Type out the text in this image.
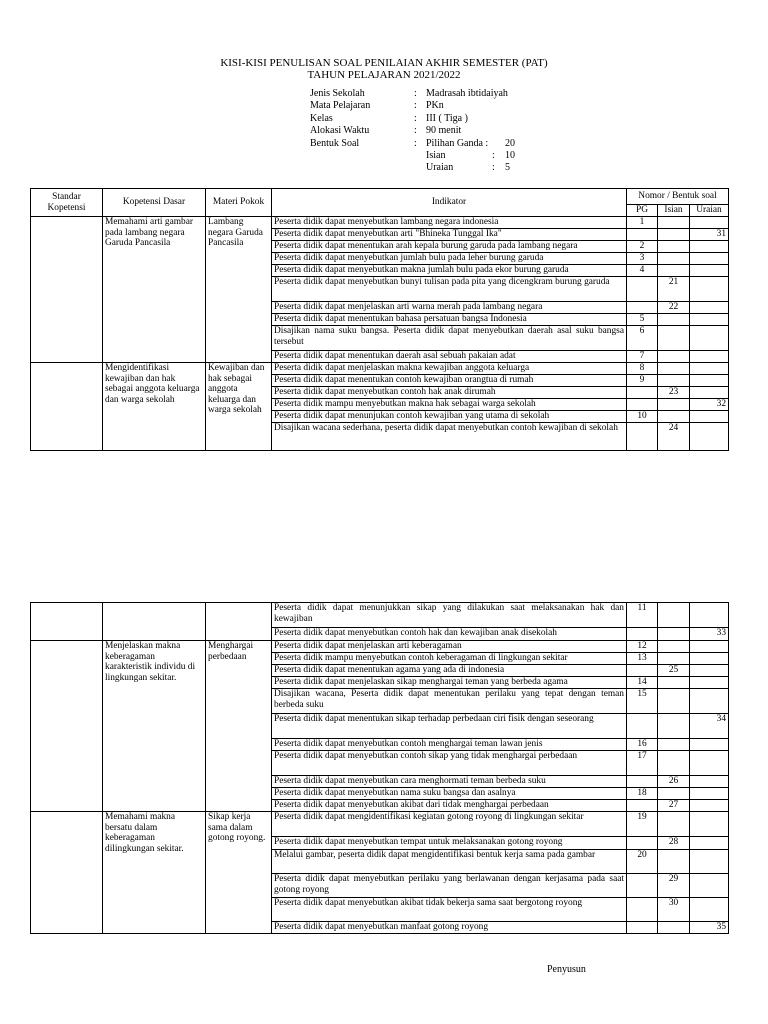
KISI-KISI PENULISAN SOAL PENILAIAN AKHIR SEMESTER (PAT)
TAHUN PELAJARAN 2021/2022
Jenis Sekolah	: Madrasah ibtidaiyah
Mata Pelajaran	: PKn
Kelas	: III ( Tiga )
Alokasi Waktu	: 90 menit
Bentuk Soal	: Pilihan Ganda : 20
Isian	: 10
Uraian	: 5
Standar Kopetensi	Kopetensi Dasar	Materi Pokok	Indikator	Nomor / Bentuk soal		
				PG	Isian	Uraian
	Memahami arti gambar pada lambang negara Garuda Pancasila	Lambang negara Garuda Pancasila	Peserta didik dapat menyebutkan lambang negara indonesia	1		
			Peserta didik dapat menyebutkan arti "Bhineka Tunggal Ika"			31
			Peserta didik dapat menentukan arah kepala burung garuda pada lambang negara	2		
			Peserta didik dapat menyebutkan jumlah bulu pada leher burung garuda	3		
			Peserta didik dapat menyebutkan makna jumlah bulu pada ekor burung garuda	4		
			Peserta didik dapat menyebutkan bunyi tulisan pada pita yang dicengkram burung garuda		21	
			Peserta didik dapat menjelaskan arti warna merah pada lambang negara		22	
			Peserta didik dapat menentukan bahasa persatuan bangsa Indonesia	5		
			Disajikan nama suku bangsa. Peserta didik dapat menyebutkan daerah asal suku bangsa tersebut	6		
			Peserta didik dapat menentukan daerah asal sebuah pakaian adat	7		
	Mengidentifikasi kewajiban dan hak sebagai anggota keluarga dan warga sekolah	Kewajiban dan hak sebagai anggota keluarga dan warga sekolah	Peserta didik dapat menjelaskan makna kewajiban anggota keluarga	8		
			Peserta didik dapat menentukan contoh kewajiban orangtua di rumah	9		
			Peserta didik dapat menyebutkan contoh hak anak dirumah		23	
			Peserta didik mampu menyebutkan makna hak sebagai warga sekolah			32
			Peserta didik dapat menunjukan contoh kewajiban yang utama di sekolah	10		
			Disajikan wacana sederhana, peserta didik dapat menyebutkan contoh kewajiban di sekolah		24	
			Peserta didik dapat menunjukkan sikap yang dilakukan saat melaksanakan hak dan kewajiban	11		
			Peserta didik dapat menyebutkan contoh hak dan kewajiban anak disekolah			33
	Menjelaskan makna keberagaman karakteristik individu di lingkungan sekitar.	Menghargai perbedaan	Peserta didik dapat menjelaskan arti keberagaman	12		
			Peserta didik mampu menyebutkan contoh keberagaman di lingkungan sekitar	13		
			Peserta didik dapat menentukan agama yang ada di indonesia		25	
			Peserta didik dapat menjelaskan sikap menghargai teman yang berbeda agama	14		
			Disajikan wacana, Peserta didik dapat menentukan perilaku yang tepat dengan teman berbeda suku	15		
			Peserta didik dapat menentukan sikap terhadap perbedaan ciri fisik dengan seseorang			34
			Peserta didik dapat menyebutkan contoh menghargai teman lawan jenis	16		
			Peserta didik dapat menyebutkan contoh sikap yang tidak menghargai perbedaan	17		
			Peserta didik dapat menyebutkan cara menghormati teman berbeda suku		26	
			Peserta didik dapat menyebutkan nama suku bangsa dan asalnya	18		
			Peserta didik dapat menyebutkan akibat dari tidak menghargai perbedaan		27	
	Memahami makna bersatu dalam keberagaman dilingkungan sekitar.	Sikap kerja sama dalam gotong royong.	Peserta didik dapat mengidentifikasi kegiatan gotong royong di lingkungan sekitar	19		
			Peserta didik dapat menyebutkan tempat untuk melaksanakan gotong royong		28	
			Melalui gambar, peserta didik dapat mengidentifikasi bentuk kerja sama pada gambar	20		
			Peserta didik dapat menyebutkan perilaku yang berlawanan dengan kerjasama pada saat gotong royong		29	
			Peserta didik dapat menyebutkan akibat tidak bekerja sama saat bergotong royong		30	
			Peserta didik dapat menyebutkan manfaat gotong royong			35
Penyusun
